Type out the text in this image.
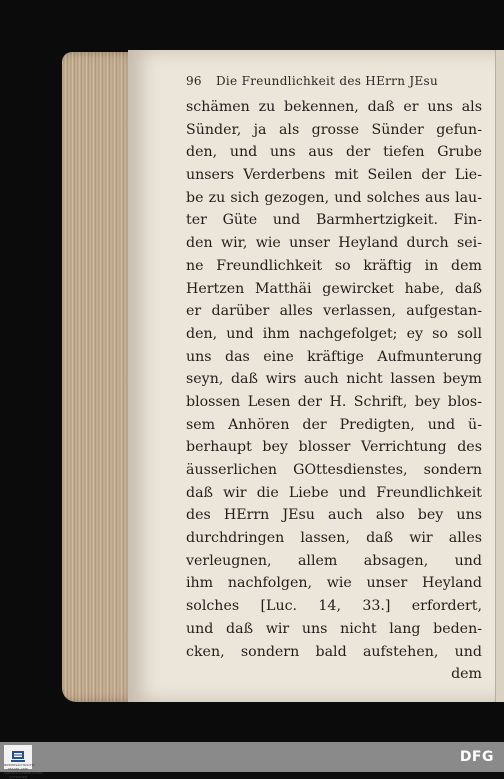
96 Die Freundlichkeit des HErrn JEsu
schämen zu bekennen, daß er uns als
Sünder, ja als grosse Sünder gefun-
den, und uns aus der tiefen Grube
unsers Verderbens mit Seilen der Lie-
be zu sich gezogen, und solches aus lau-
ter Güte und Barmhertzigkeit. Fin-
den wir, wie unser Heyland durch sei-
ne Freundlichkeit so kräftig in dem
Hertzen Matthäi gewircket habe, daß
er darüber alles verlassen, aufgestan-
den, und ihm nachgefolget; ey so soll
uns das eine kräftige Aufmunterung
seyn, daß wirs auch nicht lassen beym
blossen Lesen der H. Schrift, bey blos-
sem Anhören der Predigten, und ü-
berhaupt bey blosser Verrichtung des
äusserlichen GOttesdienstes, sondern
daß wir die Liebe und Freundlichkeit
des HErrn JEsu auch also bey uns
durchdringen lassen, daß wir alles
verleugnen, allem absagen, und
ihm nachfolgen, wie unser Heyland
solches [Luc. 14, 33.] erfordert,
und daß wir uns nicht lang beden-
cken, sondern bald aufstehen, und
dem
NIEDERSÄCHSISCHE STAATS- UND UNIVERSITÄTSBIBLIOTHEK GÖTTINGEN
DFG
